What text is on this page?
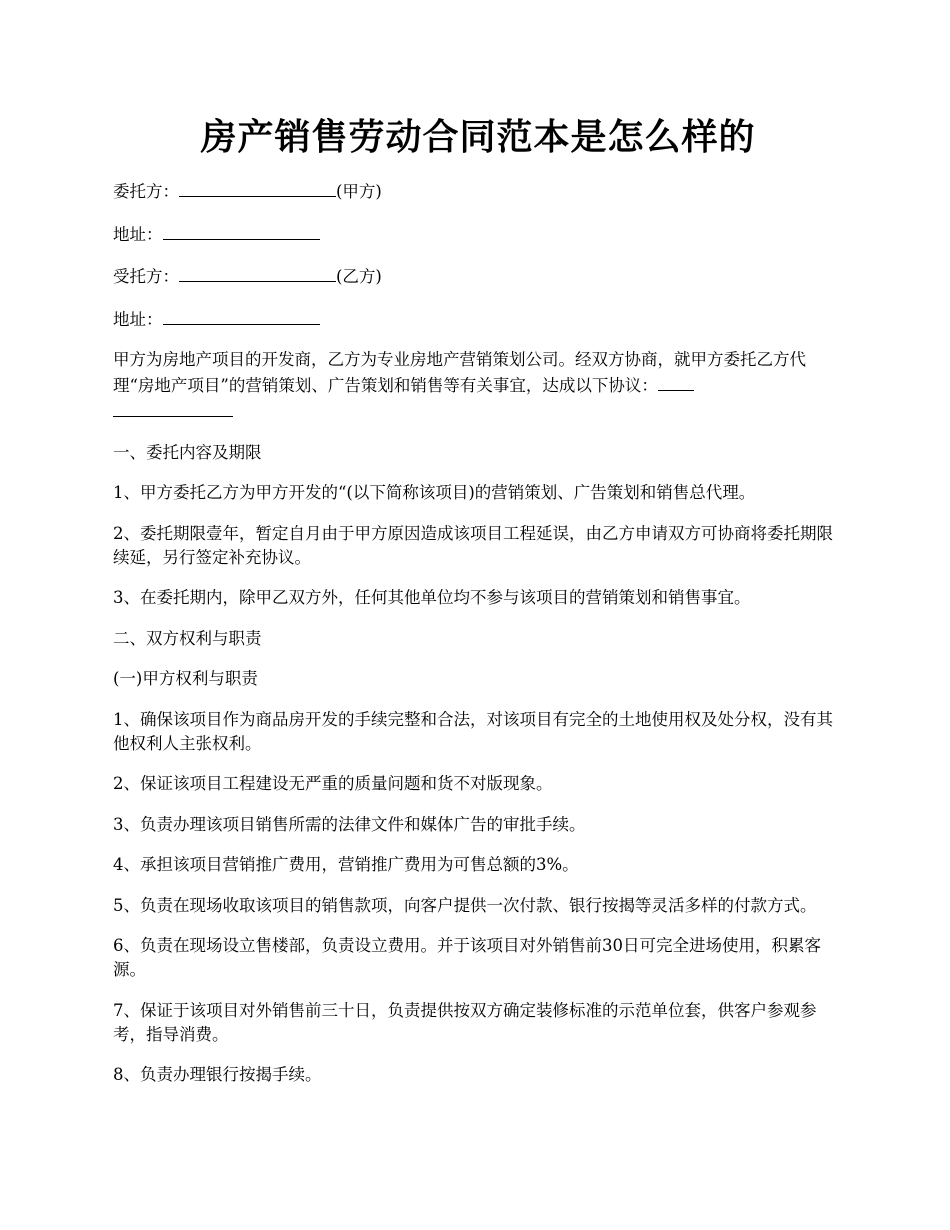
房产销售劳动合同范本是怎么样的

委托方：	(甲方)

地址：

受托方：	(乙方)

地址：

甲方为房地产项目的开发商，乙方为专业房地产营销策划公司。经双方协商，就甲方委托乙方代理“房地产项目”的营销策划、广告策划和销售等有关事宜，达成以下协议：

一、委托内容及期限

1、甲方委托乙方为甲方开发的“(以下简称该项目)的营销策划、广告策划和销售总代理。

2、委托期限壹年，暂定自月由于甲方原因造成该项目工程延误，由乙方申请双方可协商将委托期限续延，另行签定补充协议。

3、在委托期内，除甲乙双方外，任何其他单位均不参与该项目的营销策划和销售事宜。

二、双方权利与职责

(一)甲方权利与职责

1、确保该项目作为商品房开发的手续完整和合法，对该项目有完全的土地使用权及处分权，没有其他权利人主张权利。

2、保证该项目工程建设无严重的质量问题和货不对版现象。

3、负责办理该项目销售所需的法律文件和媒体广告的审批手续。

4、承担该项目营销推广费用，营销推广费用为可售总额的3%。

5、负责在现场收取该项目的销售款项，向客户提供一次付款、银行按揭等灵活多样的付款方式。

6、负责在现场设立售楼部，负责设立费用。并于该项目对外销售前30日可完全进场使用，积累客源。

7、保证于该项目对外销售前三十日，负责提供按双方确定装修标准的示范单位套，供客户参观参考，指导消费。

8、负责办理银行按揭手续。
